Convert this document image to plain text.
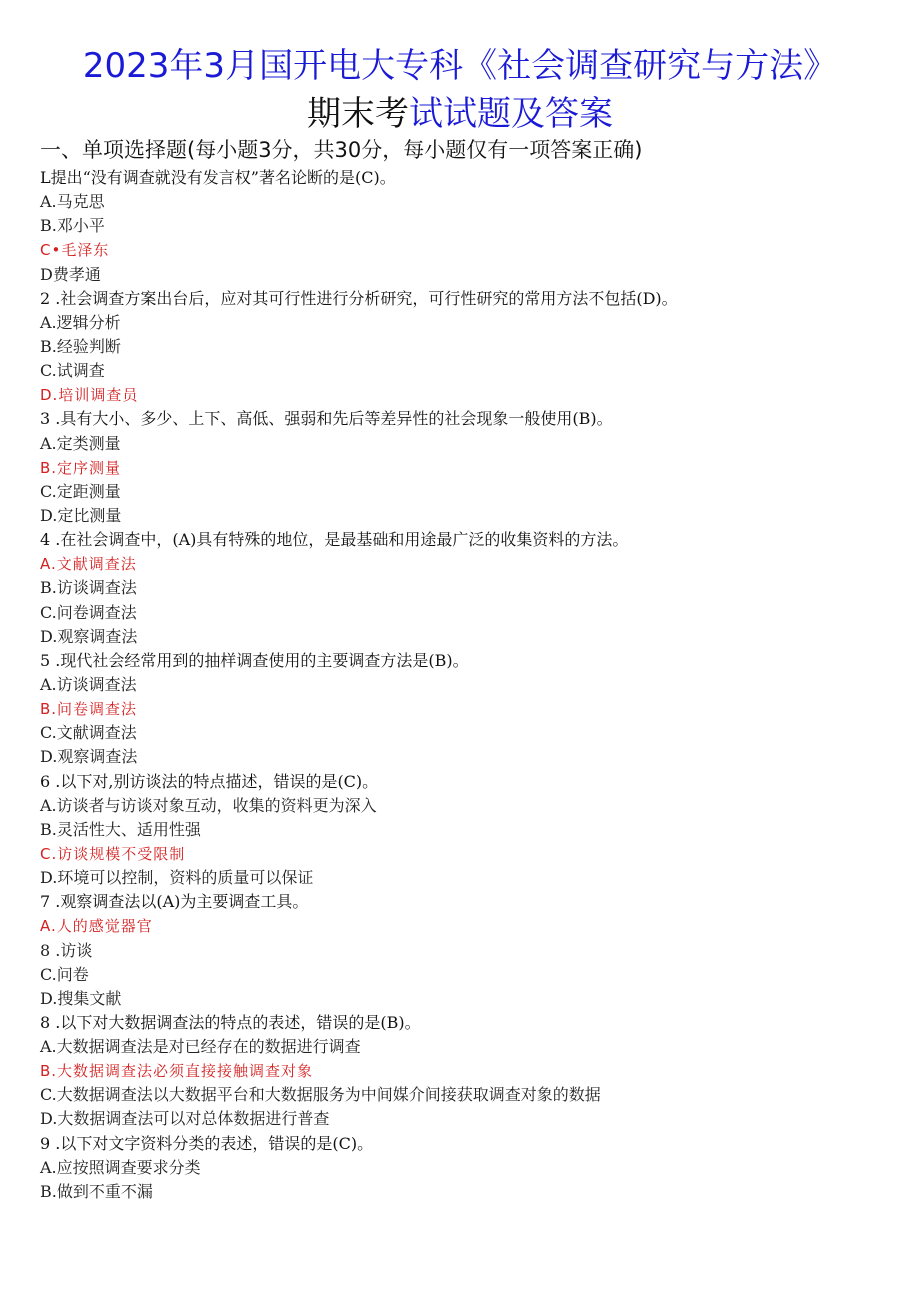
2023年3月国开电大专科《社会调查研究与方法》
期末考试试题及答案
一、单项选择题(每小题3分，共30分，每小题仅有一项答案正确)
L提出“没有调查就没有发言权”著名论断的是(C)。
A.马克思
B.邓小平
C•毛泽东
D费孝通
2 .社会调查方案出台后，应对其可行性进行分析研究，可行性研究的常用方法不包括(D)。
A.逻辑分析
B.经验判断
C.试调查
D.培训调查员
3 .具有大小、多少、上下、高低、强弱和先后等差异性的社会现象一般使用(B)。
A.定类测量
B.定序测量
C.定距测量
D.定比测量
4 .在社会调查中，(A)具有特殊的地位，是最基础和用途最广泛的收集资料的方法。
A.文献调查法
B.访谈调查法
C.问卷调查法
D.观察调查法
5 .现代社会经常用到的抽样调查使用的主要调查方法是(B)。
A.访谈调查法
B.问卷调查法
C.文献调查法
D.观察调查法
6 .以下对,别访谈法的特点描述，错误的是(C)。
A.访谈者与访谈对象互动，收集的资料更为深入
B.灵活性大、适用性强
C.访谈规模不受限制
D.环境可以控制，资料的质量可以保证
7 .观察调查法以(A)为主要调查工具。
A.人的感觉器官
8 .访谈
C.问卷
D.搜集文献
8 .以下对大数据调查法的特点的表述，错误的是(B)。
A.大数据调查法是对已经存在的数据进行调查
B.大数据调查法必须直接接触调查对象
C.大数据调查法以大数据平台和大数据服务为中间媒介间接获取调查对象的数据
D.大数据调查法可以对总体数据进行普查
9 .以下对文字资料分类的表述，错误的是(C)。
A.应按照调查要求分类
B.做到不重不漏
